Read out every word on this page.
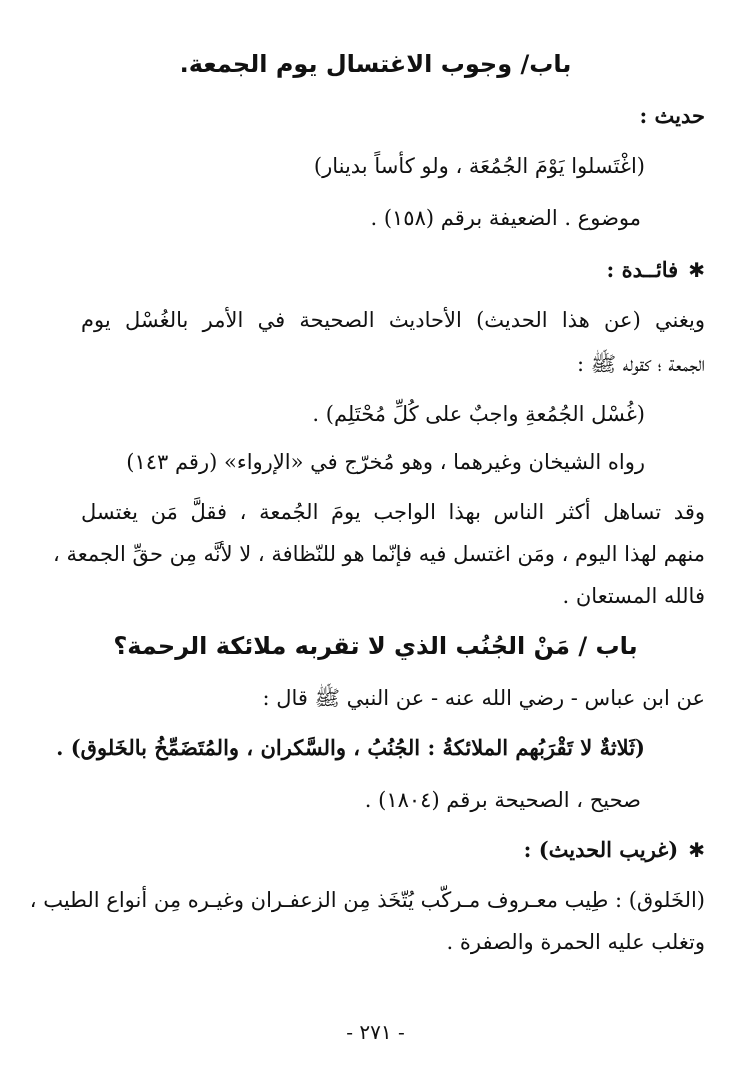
باب/ وجوب الاغتسال يوم الجمعة.
حديث :
(اغْتَسلوا يَوْمَ الجُمُعَة ، ولو كأساً بدينار)
موضوع . الضعيفة برقم (١٥٨) .
✱فائــدة :
ويغني (عن هذا الحديث) الأحاديث الصحيحة في الأمر بالغُسْل يوم
الجمعة ؛ كقوله ﷺ :
(غُسْل الجُمُعةِ واجبٌ على كُلِّ مُحْتَلِم) .
رواه الشيخان وغيرهما ، وهو مُخرّج في «الإرواء» (رقم ١٤٣)
وقد تساهل أكثر الناس بهذا الواجب يومَ الجُمعة ، فقلَّ مَن يغتسل
منهم لهذا اليوم ، ومَن اغتسل فيه فإنّما هو للنّظافة ، لا لأنَّه مِن حقِّ الجمعة ،
فالله المستعان .
باب / مَنْ الجُنُب الذي لا تقربه ملائكة الرحمة؟
عن ابن عباس - رضي الله عنه - عن النبي ﷺ قال :
(ثَلاثةٌ لا تَقْرَبُهم الملائكةُ : الجُنُبُ ، والسَّكران ، والمُتَضَمِّخُ بالخَلوق) .
صحيح ، الصحيحة برقم (١٨٠٤) .
✱(غريب الحديث) :
(الخَلوق) : طِيب معـروف مـركّب يُتّخَذ مِن الزعفـران وغيـره مِن أنواع الطيب ،
وتغلب عليه الحمرة والصفرة .
- ٢٧١ -
